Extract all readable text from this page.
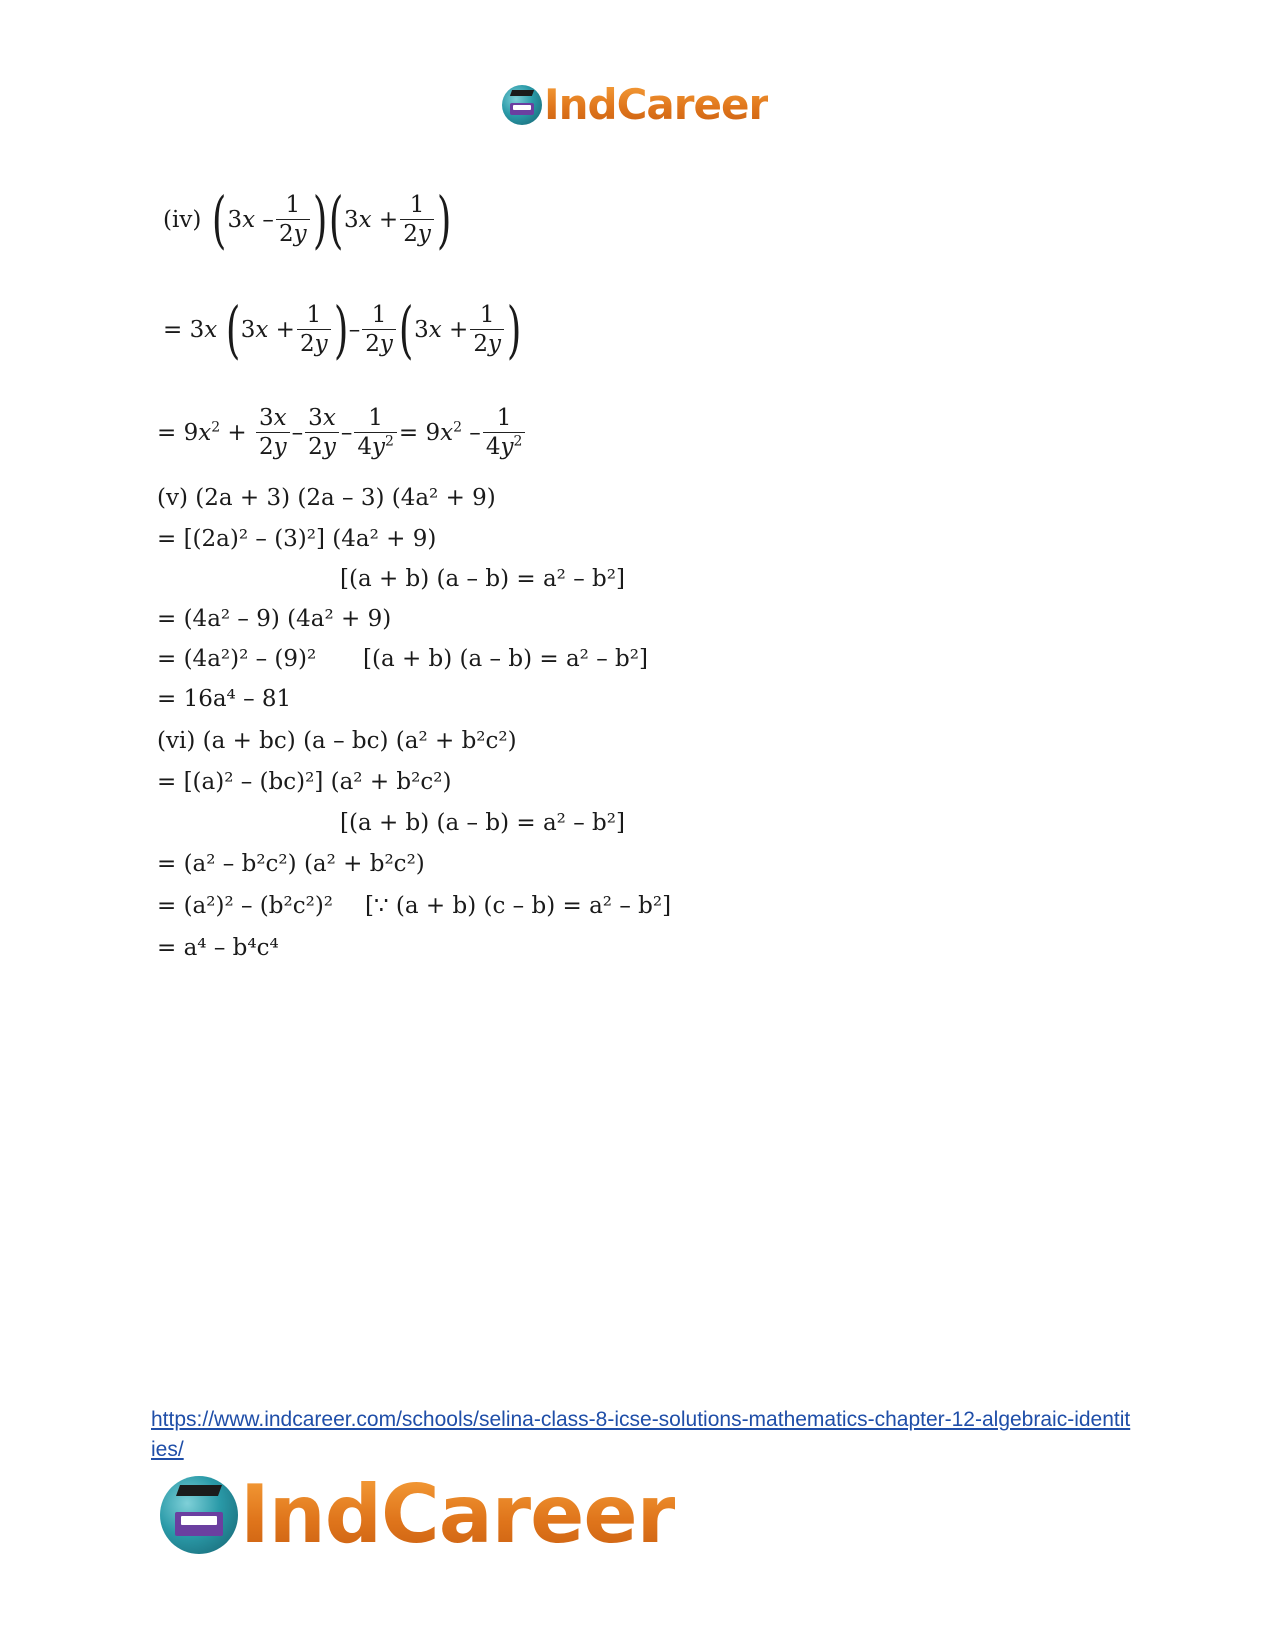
IndCareer
(iv) ( $3x - \frac{1}{2y}$ ) ( $3x + \frac{1}{2y}$ )
= 3x ( $3x + \frac{1}{2y}$ ) – $\frac{1}{2y}$ ( $3x + \frac{1}{2y}$ )
= $9x^2 + \frac{3x}{2y} - \frac{3x}{2y} - \frac{1}{4y^2} = 9x^2 - \frac{1}{4y^2}$
(v) (2a + 3) (2a – 3) (4a² + 9)
= [(2a)² – (3)²] (4a² + 9)
[(a + b) (a – b) = a² – b²]
= (4a² – 9) (4a² + 9)
= (4a²)² – (9)² [(a + b) (a – b) = a² – b²]
= 16a⁴ – 81
(vi) (a + bc) (a – bc) (a² + b²c²)
= [(a)² – (bc)²] (a² + b²c²)
[(a + b) (a – b) = a² – b²]
= (a² – b²c²) (a² + b²c²)
= (a²)² – (b²c²)² [∵ (a + b) (c – b) = a² – b²]
= a⁴ – b⁴c⁴
https://www.indcareer.com/schools/selina-class-8-icse-solutions-mathematics-chapter-12-algebraic-identities/
IndCareer
